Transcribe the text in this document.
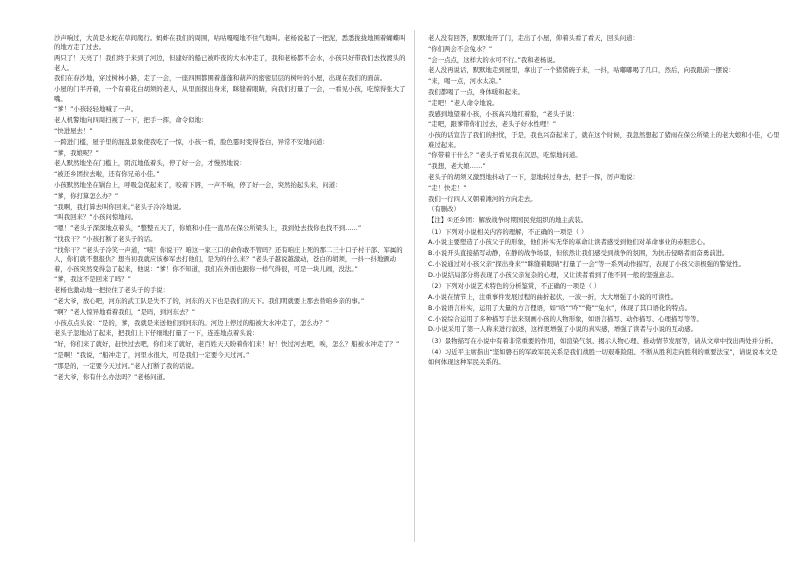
沙声响过，大黄是水蛇在草间爬行。蚂蚱在我们的周围，咕咕嘎嘎地不住气地叫。老杨说起了一把泥，悉悉拢拢地围着蝴蝶叫的地方走了过去。

两只了！天亮了！我们终于来到了河边，但建好的船已被昨夜的大水冲走了，我和老杨都不会水，小孩只好带我们去找渡头的老人。

我们在春沙地，穿过树林小路，走了一会，一座四围都围着蓬蓬和葫芦的密密层层的树叶的小屋，出现在我们的面前。

小屋的门半开着，一个有着花白胡须的老人，从里面探出身来，眯缝着眼睛，向我们打量了一会，一看见小孩，吃惊得张大了嘴。

“爹！”小孩轻轻地喊了一声。

老人机警地向四周扫视了一下，把手一挥，命令似地：

“快进屋去！”

一跨进门槛，屋子里的混乱景象使我吃了一惊，小孩一看，脸色霎时变得苍白，异常不安地问道：

“爹，我娘呢？”

老人默然地坐在门槛上，阴沉地低着头，停了好一会，才慢然地说：

“被还乡团拉去啦，还有你兄弟小佳。”

小孩默然地坐在锅台上，呼吸急促起来了，咬着下唇，一声不响，停了好一会，突然抬起头来，问道：

“爹，你打算怎么办？”

“我啊，我打算去叫你回来。”老头子冷冷地说。

“叫我回来？”小孩问惊地问。

“嗯！”老头子深深地点着头，“整整五天了，你娘和小佳一直吊在保公所梁头上，我到处去找你也找不到……”

“找我干？”小孩打断了老头子的话。

“找你干？”老头子冷笑一声道，“咦！你说干？咱这一家三口的命你敢不管吗？还有咱庄上死的那二三十口子村干部、军属的人，你们就不想报仇？想当初我就应该参军去打他们，是为的什么来？”老头子越说越激动，苍白的胡须，一抖一抖地颤动着，小孩突然变得急了起来，他说：“爹！你不知道，我们在外面也跟你一样气得很，可是一块儿闹，没法。”

“爹，我这不是回来了吗？”

老杨也激动地一把拉住了老头子的手说：

“老大爷，放心吧，河东的武工队是失不了的，河东的天下也是我们的天下。我们明就要上那去替咱乡亲的事。”

“啊？”老人惊异地看着我们，“是吗，到河东去？”

小孩点点头说：“是的，爹，我就是来送他们到河东的。河边上停过的船被大水冲走了，怎么办？”

老头子忽地站了起来，把我们上下仔细地打量了一下，连连地点着头说：

“好，你们来了就好，赶快过去吧，你们来了就好，老百姓天天盼着你们来！好！快过河去吧，唉，怎么？船被水冲走了？”

“是啊！”我说，“船冲走了，河里水很大，可是我们一定要今天过河。”

“那是的，一定要今天过河。”老人打断了我的话说。

“老大爷，你有什么办法吗？”老杨问道。

老人没有回答，默默地开了门，走出了小屋，仰着头看了看天，回头问道：

“你们两会不会兔水？”

“会一点点，这样大的水可不行。”我和老杨说。

老人没再说话，默默地走到屋里，拿出了一个猪猪碗子来，一抖，咕嘟嘟喝了几口，然后，向我跟前一摆说：

“来，喝一点，河水太凉。”

我们都喝了一点，身体暖和起来。

“走吧！”老人命令地说。

我感到地望着小孩，小孩高兴地红着脸，“老头子说：

“走吧，跟爹带你们过去，老头子好水性哩！”

小孩的话宣告了我们的担忧，于是，我也兴奋起来了，就在这个时候，我忽然想起了猪雨在保公所梁上的老大娘和小佳，心里难过起来。

“你带着干什么？”老头子看见我在沉思，吃惊地问道。

“我想，老大娘……”

老头子的胡须又激烈地抖动了一下，忽地转过身去，把手一挥，厉声地说：

“走！快走！”

我们一行四人又朝着滩河的方向走去。

（有删改）

【注】①还乡团：解放战争时期国民党组织的地主武装。

（1）下列对小说相关内容的理解，不正确的一项是（ ）

A.小说主要塑造了小孩父子的形象，他们朴实无华的革命让读者感受到他们对革命事业的赤胆忠心。

B.小说开头直接描写动静，在静的战争场景，但依然让我们感受到战争的氛围，为抗击侵略者而奋勇前进。

C.小说通过对小孩父亲“探出身来”“眯缝着眼睛”打量了一会”等一系列动作描写，表现了小孩父亲极强的警觉性。

D.小说结局部分将表现了小孩父亲复杂的心理，又让读者看到了他不同一般的坚强意志。

（2）下列对小说艺术特色的分析鉴赏，不正确的一项是（ ）

A.小说在情节上，注重事件发展过程的曲折起伏，一波一折，大大增强了小说的可读性。

B.小说语言朴实，运用了大量的方言俚语，如“啥”“咋”“俺”“兔水”，体现了其口语化的特点。

C.小说综合运用了多种描写手法来刻画小孩的人物形象，如语言描写、动作描写、心理描写等等。

D.小说采用了第一人称来进行叙述，这样更增强了小说的真实感，增强了读者与小说的互动感。

（3）景物描写在小说中有着非常重要的作用，如渲染气氛、揭示人物心理、推动情节发展等，请从文章中找出两处并分析。

（4）习近平主席指出“坚如磐石的军政军民关系是我们战胜一切艰难险阻、不断从胜利走向胜利的重要法宝”，请说说本文是如何体现这种军民关系的。
